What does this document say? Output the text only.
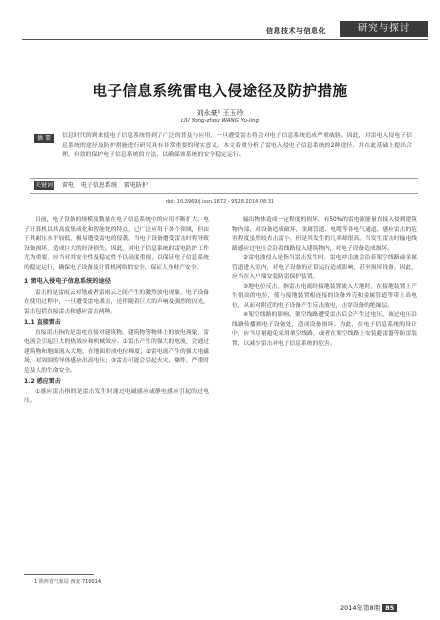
信息技术与信息化	研究与探讨
电子信息系统雷电入侵途径及防护措施
刘永豪¹ 王玉玲
LIU Yong-zhou WANG Yu-ling
摘 要	信息时代的到来使电子信息系统得到了广泛的普及与应用，一旦遭受雷击将会对电子信息系统造成严重威胁。因此，对雷电入侵电子信息系统的途径及防护措施进行研究具有非常重要的现实意义。本文着重分析了雷电入侵电子信息系统的2种途径，并在此基础上提出合理、有效的保护电子信息系统的方法，以确保该系统的安全稳定运行。
关键词 雷电 电子信息系统 雷电防护
doi: 10.3969/j.issn.1672 - 9528.2014.08.31

目前，电子设备的规模及数量在电子信息系统中的应用不断扩大。电子计算机以其高度集成化和智能化的特点，已广泛应用于各个领域，但由于其耐压水平较低，极易遭受雷电的侵袭。当电子设备遭受雷击时将导致设备损坏，造成巨大的经济损失。因此，对电子信息系统的雷电防护工作尤为重要，应当对其安全性及稳定性予以高度重视，以保证电子信息系统的稳定运行，确保电子设备及计算机网络的安全，保证人身财产安全。

1 雷电入侵电子信息系统的途径

雷击的是雷雨云对地或者雷雨云之间产生的激烈放电现象，电子设备在使用过程中，一旦遭受雷电袭击，还伴随着巨大的声响及强烈的闪光。雷击包括直接雷击和感应雷击两种。

1.1 直接雷击

直接雷击指的是雷电直接对建筑物、建筑物等物体上的放电现象，雷电流会引起巨大的热效应和机械效应。①雷击产生的强大的电流，会通过建筑物和地面流入大地，在地面形成电位梯度；②雷电流产生的强大电磁场，对周围的导体感应出高电压；③雷击可能会引起火灾、爆炸，严重时危及人的生命安全。

1.2 感应雷击

①感应雷击指的是雷击发生时通过电磁感应或静电感应引起的过电压。

输出物体造成一定程度的损坏，有50%的雷电流能量直接入侵到建筑物内部，对设备造成破坏，金属管道、电缆等各电气通道。感应雷击的危害程度虽然较直击雷小，但是其发生的几率却很高。当发生雷击时输电线路感应过电压会沿着线路侵入建筑物内，对电子设备造成损坏。

②雷电波侵入是指当雷击发生时，雷电冲击波会沿着架空线路或金属管道进入室内，对电子设备的正常运行造成影响，甚至损坏设备。因此，应当在入户端安装防雷保护装置。

③地电位反击，指雷击电流经接地装置流入大地时，在接地装置上产生很高的电位，使与接地装置相连接的设备外壳和金属管道等带上高电位，从而对附近的电子设备产生反击放电，击穿设备的绝缘层。

④架空线路的影响。架空线路遭受雷击后会产生过电压，该过电压沿线路传播到电子设备处，造成设备损坏。为此，在电子信息系统的设计中，应当尽量避免采用架空线路，或者在架空线路上安装避雷器等防雷装置，以减少雷击对电子信息系统的危害。

1 陕西省气象局 西安 710014
2014年第8期 85
